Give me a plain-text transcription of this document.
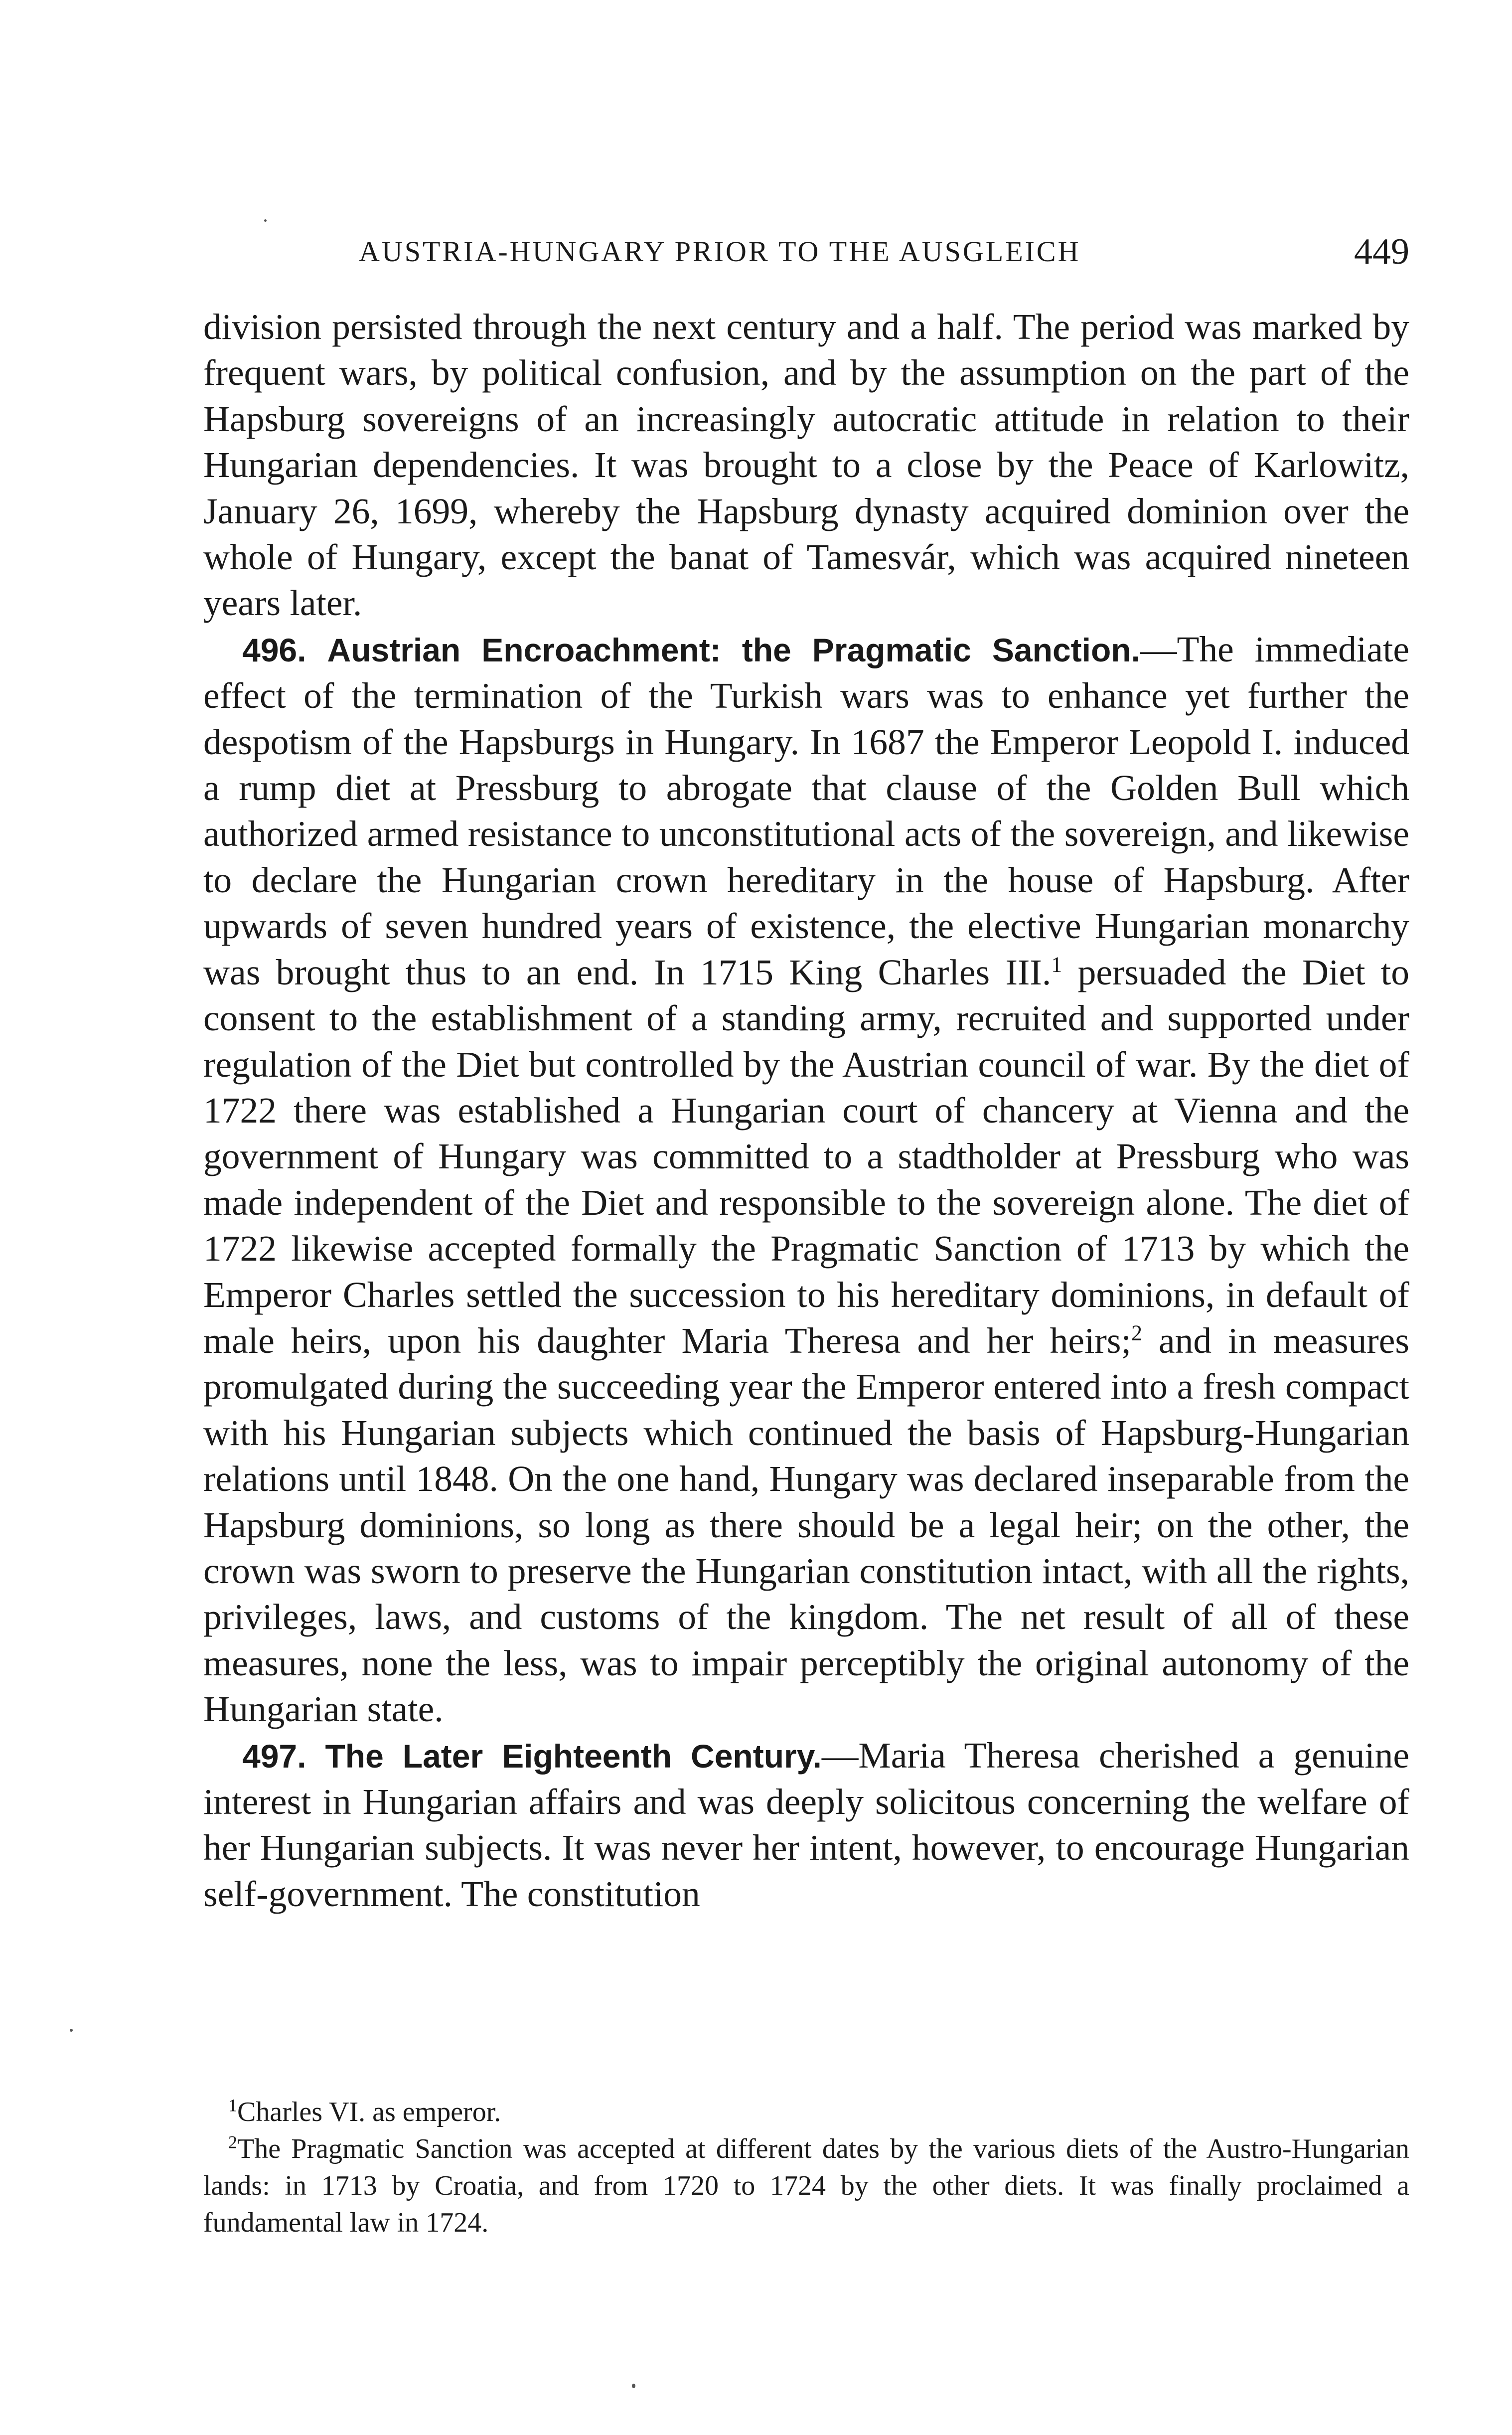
AUSTRIA-HUNGARY PRIOR TO THE AUSGLEICH	449

division persisted through the next century and a half. The period was marked by frequent wars, by political confusion, and by the assumption on the part of the Hapsburg sovereigns of an increasingly autocratic attitude in relation to their Hungarian dependencies. It was brought to a close by the Peace of Karlowitz, January 26, 1699, whereby the Hapsburg dynasty acquired dominion over the whole of Hungary, except the banat of Tamesvár, which was acquired nineteen years later.

496. Austrian Encroachment: the Pragmatic Sanction.—The immediate effect of the termination of the Turkish wars was to enhance yet further the despotism of the Hapsburgs in Hungary. In 1687 the Emperor Leopold I. induced a rump diet at Pressburg to abrogate that clause of the Golden Bull which authorized armed resistance to unconstitutional acts of the sovereign, and likewise to declare the Hungarian crown hereditary in the house of Hapsburg. After upwards of seven hundred years of existence, the elective Hungarian monarchy was brought thus to an end. In 1715 King Charles III.$^1$ persuaded the Diet to consent to the establishment of a standing army, recruited and supported under regulation of the Diet but controlled by the Austrian council of war. By the diet of 1722 there was established a Hungarian court of chancery at Vienna and the government of Hungary was committed to a stadtholder at Pressburg who was made independent of the Diet and responsible to the sovereign alone. The diet of 1722 likewise accepted formally the Pragmatic Sanction of 1713 by which the Emperor Charles settled the succession to his hereditary dominions, in default of male heirs, upon his daughter Maria Theresa and her heirs;$^2$ and in measures promulgated during the succeeding year the Emperor entered into a fresh compact with his Hungarian subjects which continued the basis of Hapsburg-Hungarian relations until 1848. On the one hand, Hungary was declared inseparable from the Hapsburg dominions, so long as there should be a legal heir; on the other, the crown was sworn to preserve the Hungarian constitution intact, with all the rights, privileges, laws, and customs of the kingdom. The net result of all of these measures, none the less, was to impair perceptibly the original autonomy of the Hungarian state.

497. The Later Eighteenth Century.—Maria Theresa cherished a genuine interest in Hungarian affairs and was deeply solicitous concerning the welfare of her Hungarian subjects. It was never her intent, however, to encourage Hungarian self-government. The constitution

$^1$Charles VI. as emperor.

$^2$The Pragmatic Sanction was accepted at different dates by the various diets of the Austro-Hungarian lands: in 1713 by Croatia, and from 1720 to 1724 by the other diets. It was finally proclaimed a fundamental law in 1724.
